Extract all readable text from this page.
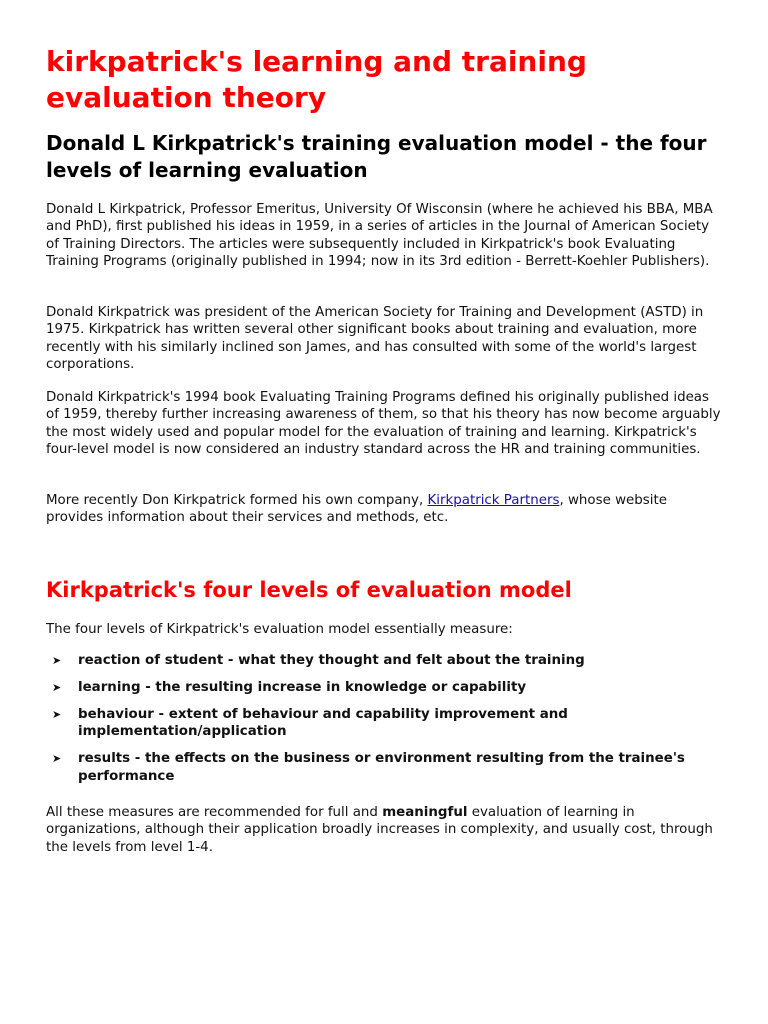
kirkpatrick's learning and training evaluation theory
Donald L Kirkpatrick's training evaluation model - the four levels of learning evaluation

Donald L Kirkpatrick, Professor Emeritus, University Of Wisconsin (where he achieved his BBA, MBA and PhD), first published his ideas in 1959, in a series of articles in the Journal of American Society of Training Directors. The articles were subsequently included in Kirkpatrick's book Evaluating Training Programs (originally published in 1994; now in its 3rd edition - Berrett-Koehler Publishers).

Donald Kirkpatrick was president of the American Society for Training and Development (ASTD) in 1975. Kirkpatrick has written several other significant books about training and evaluation, more recently with his similarly inclined son James, and has consulted with some of the world's largest corporations.

Donald Kirkpatrick's 1994 book Evaluating Training Programs defined his originally published ideas of 1959, thereby further increasing awareness of them, so that his theory has now become arguably the most widely used and popular model for the evaluation of training and learning. Kirkpatrick's four-level model is now considered an industry standard across the HR and training communities.

More recently Don Kirkpatrick formed his own company, Kirkpatrick Partners, whose website provides information about their services and methods, etc.

Kirkpatrick's four levels of evaluation model

The four levels of Kirkpatrick's evaluation model essentially measure:

➤ reaction of student - what they thought and felt about the training
➤ learning - the resulting increase in knowledge or capability
➤ behaviour - extent of behaviour and capability improvement and implementation/application
➤ results - the effects on the business or environment resulting from the trainee's performance

All these measures are recommended for full and meaningful evaluation of learning in organizations, although their application broadly increases in complexity, and usually cost, through the levels from level 1-4.
